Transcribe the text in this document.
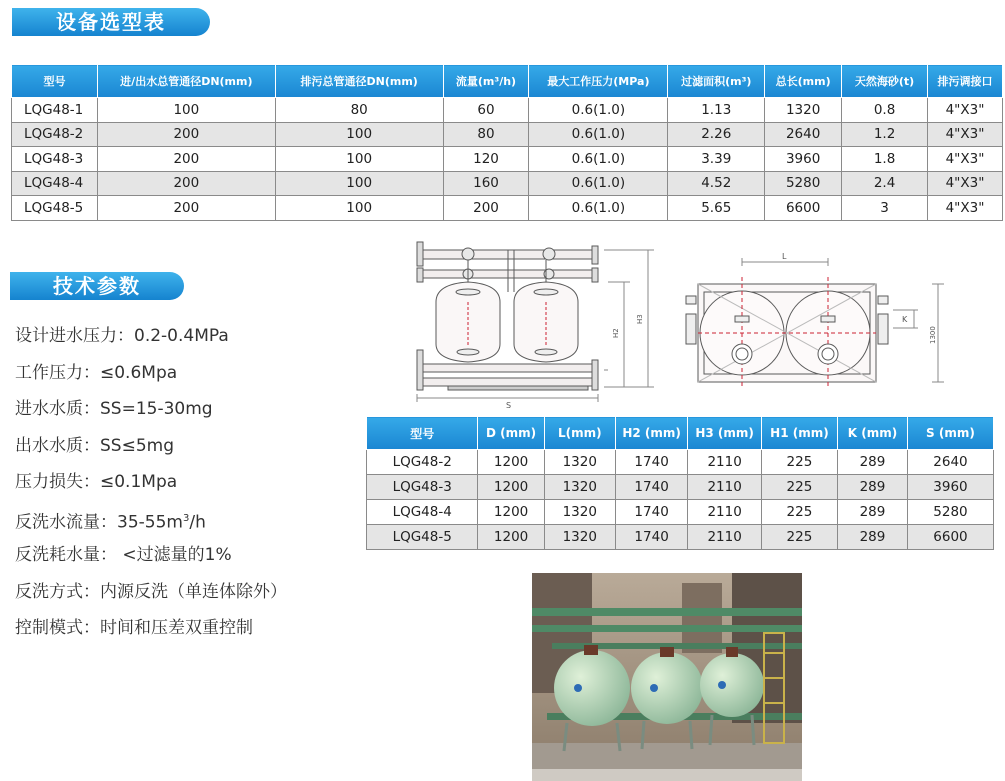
设备选型表
型号	进/出水总管通径DN(mm)	排污总管通径DN(mm)	流量(m³/h)	最大工作压力(MPa)	过滤面积(m³)	总长(mm)	天然海砂(t)	排污调接口
LQG48-1	100	80	60	0.6(1.0)	1.13	1320	0.8	4"X3"
LQG48-2	200	100	80	0.6(1.0)	2.26	2640	1.2	4"X3"
LQG48-3	200	100	120	0.6(1.0)	3.39	3960	1.8	4"X3"
LQG48-4	200	100	160	0.6(1.0)	4.52	5280	2.4	4"X3"
LQG48-5	200	100	200	0.6(1.0)	5.65	6600	3	4"X3"
技术参数
设计进水压力：0.2-0.4MPa
工作压力：≤0.6Mpa
进水水质：SS=15-30mg
出水水质：SS≤5mg
压力损失：≤0.1Mpa
反洗水流量：$35-55m^3/h$
反洗耗水量： <过滤量的1%
反洗方式：内源反洗（单连体除外）
控制模式：时间和压差双重控制
S
H2
H3
L
K
1300
型号	D (mm)	L(mm)	H2 (mm)	H3 (mm)	H1 (mm)	K (mm)	S (mm)
LQG48-2	1200	1320	1740	2110	225	289	2640
LQG48-3	1200	1320	1740	2110	225	289	3960
LQG48-4	1200	1320	1740	2110	225	289	5280
LQG48-5	1200	1320	1740	2110	225	289	6600
